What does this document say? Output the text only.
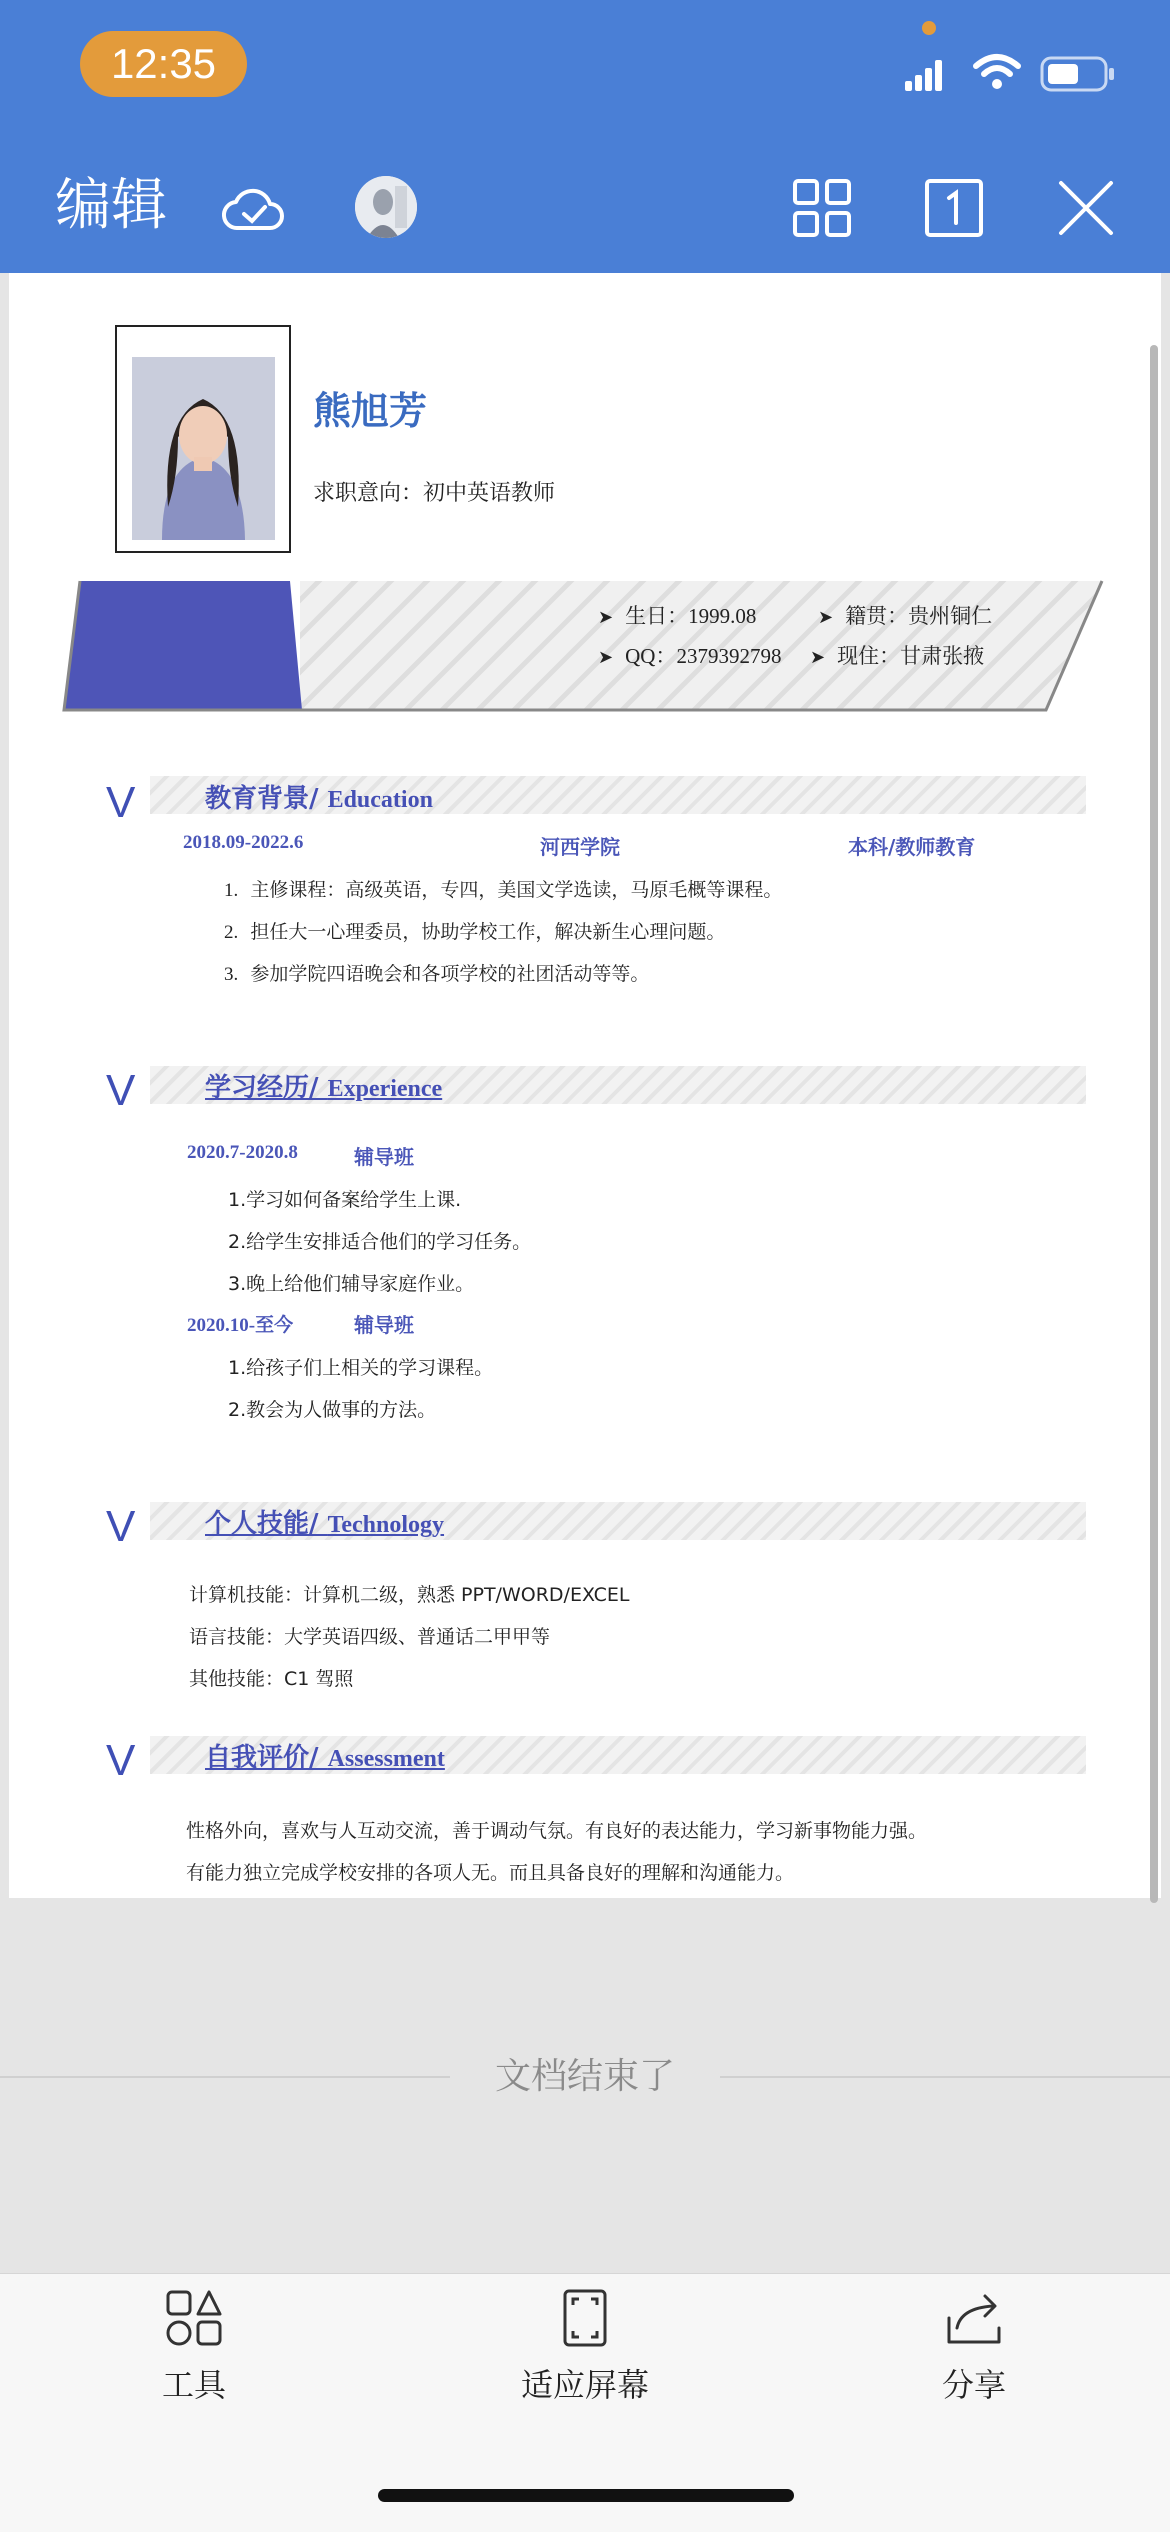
12:35
编辑
熊旭芳
求职意向：初中英语教师
➤ 生日：1999.08	➤ 籍贯：贵州铜仁
➤ QQ：2379392798 ➤ 现住：甘肃张掖
V	教育背景/ Education
2018.09-2022.6	河西学院	本科/教师教育
1. 主修课程：高级英语，专四，美国文学选读，马原毛概等课程。
2. 担任大一心理委员，协助学校工作，解决新生心理问题。
3. 参加学院四语晚会和各项学校的社团活动等等。
V	学习经历/ Experience
2020.7-2020.8	辅导班
1.学习如何备案给学生上课.
2.给学生安排适合他们的学习任务。
3.晚上给他们辅导家庭作业。
2020.10-至今	辅导班
1.给孩子们上相关的学习课程。
2.教会为人做事的方法。
V	个人技能/ Technology
计算机技能：计算机二级，熟悉 PPT/WORD/EXCEL
语言技能：大学英语四级、普通话二甲甲等
其他技能：C1 驾照
V	自我评价/ Assessment
性格外向，喜欢与人互动交流，善于调动气氛。有良好的表达能力，学习新事物能力强。
有能力独立完成学校安排的各项人无。而且具备良好的理解和沟通能力。
文档结束了
工具	适应屏幕	分享
